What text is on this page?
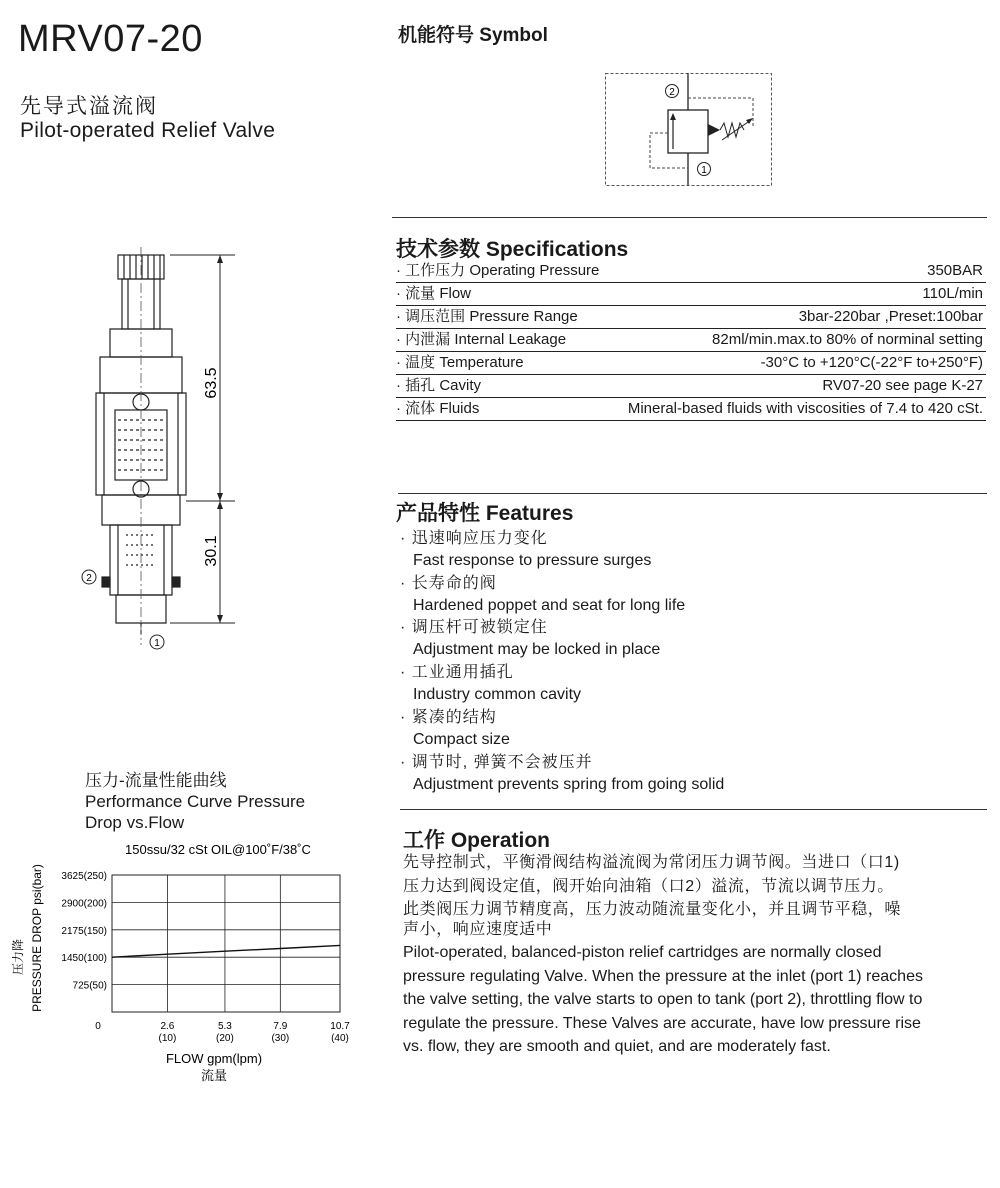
MRV07-20
先导式溢流阀
Pilot-operated Relief Valve
机能符号 Symbol
2
1
63.5
30.1
2
1
技术参数 Specifications
· 工作压力 Operating Pressure	350BAR
· 流量 Flow	110L/min
· 调压范围 Pressure Range	3bar-220bar ,Preset:100bar
· 内泄漏 Internal Leakage	82ml/min.max.to 80% of norminal setting
· 温度 Temperature	-30°C to +120°C(-22°F to+250°F)
· 插孔 Cavity	RV07-20 see page K-27
· 流体 Fluids	Mineral-based fluids with viscosities of 7.4 to 420 cSt.
产品特性 Features
· 迅速响应压力变化
Fast response to pressure surges
· 长寿命的阀
Hardened poppet and seat for long life
· 调压杆可被锁定住
Adjustment may be locked in place
· 工业通用插孔
Industry common cavity
· 紧凑的结构
Compact size
· 调节时, 弹簧不会被压并
Adjustment prevents spring from going solid
工作 Operation

先导控制式，平衡滑阀结构溢流阀为常闭压力调节阀。当进口（口1)

压力达到阀设定值，阀开始向油箱（口2）溢流，节流以调节压力。

此类阀压力调节精度高，压力波动随流量变化小，并且调节平稳，噪

声小，响应速度适中

Pilot-operated, balanced-piston relief cartridges are normally closed

pressure regulating Valve. When the pressure at the inlet (port 1) reaches

the valve setting, the valve starts to open to tank (port 2), throttling flow to

regulate the pressure. These Valves are accurate, have low pressure rise

vs. flow, they are smooth and quiet, and are moderately fast.

压力-流量性能曲线
Performance Curve Pressure
Drop vs.Flow
150ssu/32 cSt OIL@100˚F/38˚C
725(50)
1450(100)
2175(150)
2900(200)
3625(250)
0	2.6
(10)
5.3
(20)
7.9
(30)
10.7
(40)
PRESSURE DROP psi(bar)
压力降
FLOW gpm(lpm)
流量
